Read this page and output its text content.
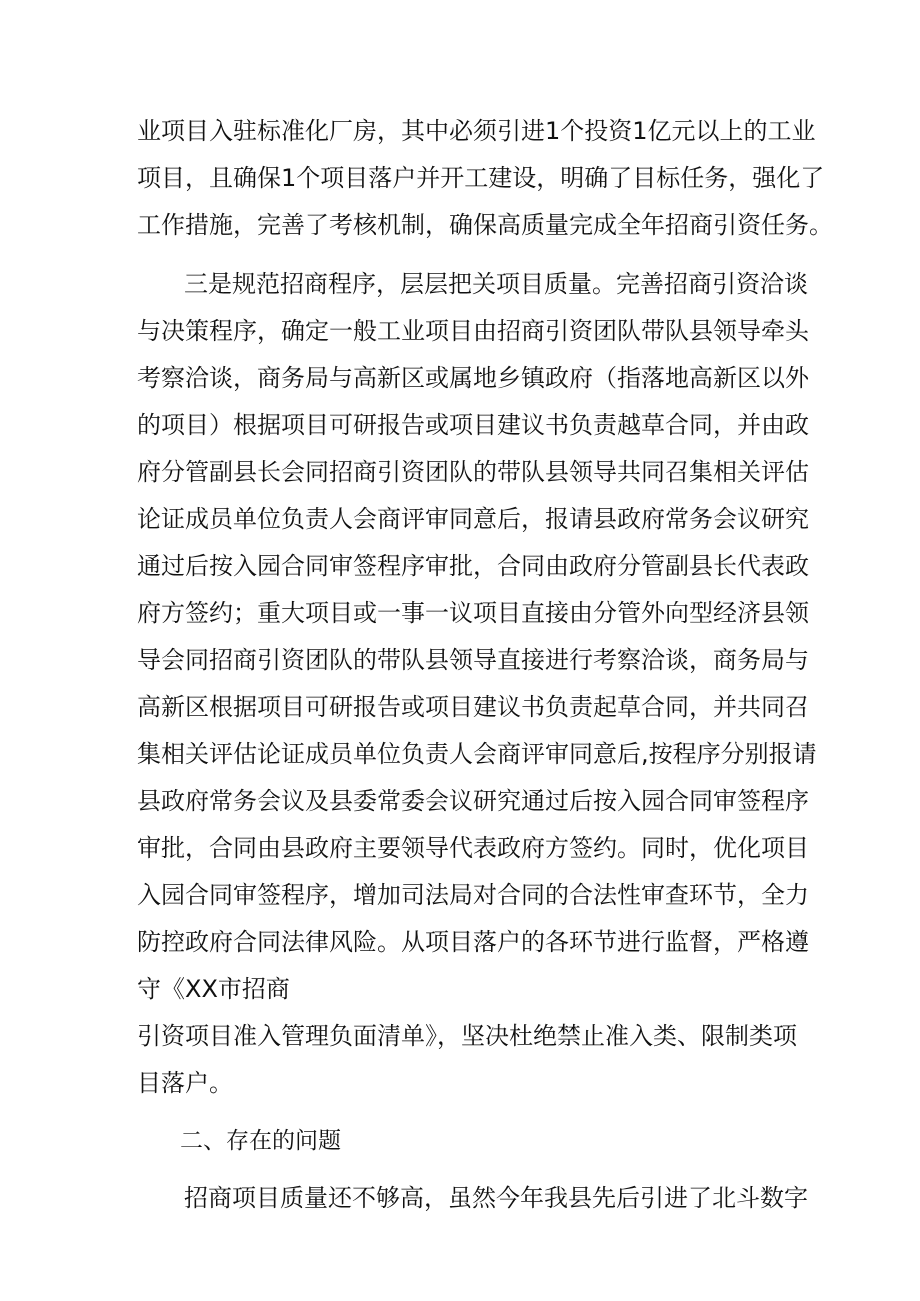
业项目入驻标准化厂房，其中必须引进1个投资1亿元以上的工业
项目，且确保1个项目落户并开工建设，明确了目标任务，强化了
工作措施，完善了考核机制，确保高质量完成全年招商引资任务。
三是规范招商程序，层层把关项目质量。完善招商引资洽谈
与决策程序，确定一般工业项目由招商引资团队带队县领导牵头
考察洽谈，商务局与高新区或属地乡镇政府（指落地高新区以外
的项目）根据项目可研报告或项目建议书负责越草合同，并由政
府分管副县长会同招商引资团队的带队县领导共同召集相关评估
论证成员单位负责人会商评审同意后，报请县政府常务会议研究
通过后按入园合同审签程序审批，合同由政府分管副县长代表政
府方签约；重大项目或一事一议项目直接由分管外向型经济县领
导会同招商引资团队的带队县领导直接进行考察洽谈，商务局与
高新区根据项目可研报告或项目建议书负责起草合同，并共同召
集相关评估论证成员单位负责人会商评审同意后,按程序分别报请
县政府常务会议及县委常委会议研究通过后按入园合同审签程序
审批，合同由县政府主要领导代表政府方签约。同时，优化项目
入园合同审签程序，增加司法局对合同的合法性审查环节，全力
防控政府合同法律风险。从项目落户的各环节进行监督，严格遵
守《XX市招商
引资项目准入管理负面清单》，坚决杜绝禁止准入类、限制类项
目落户。
二、存在的问题
招商项目质量还不够高，虽然今年我县先后引进了北斗数字
